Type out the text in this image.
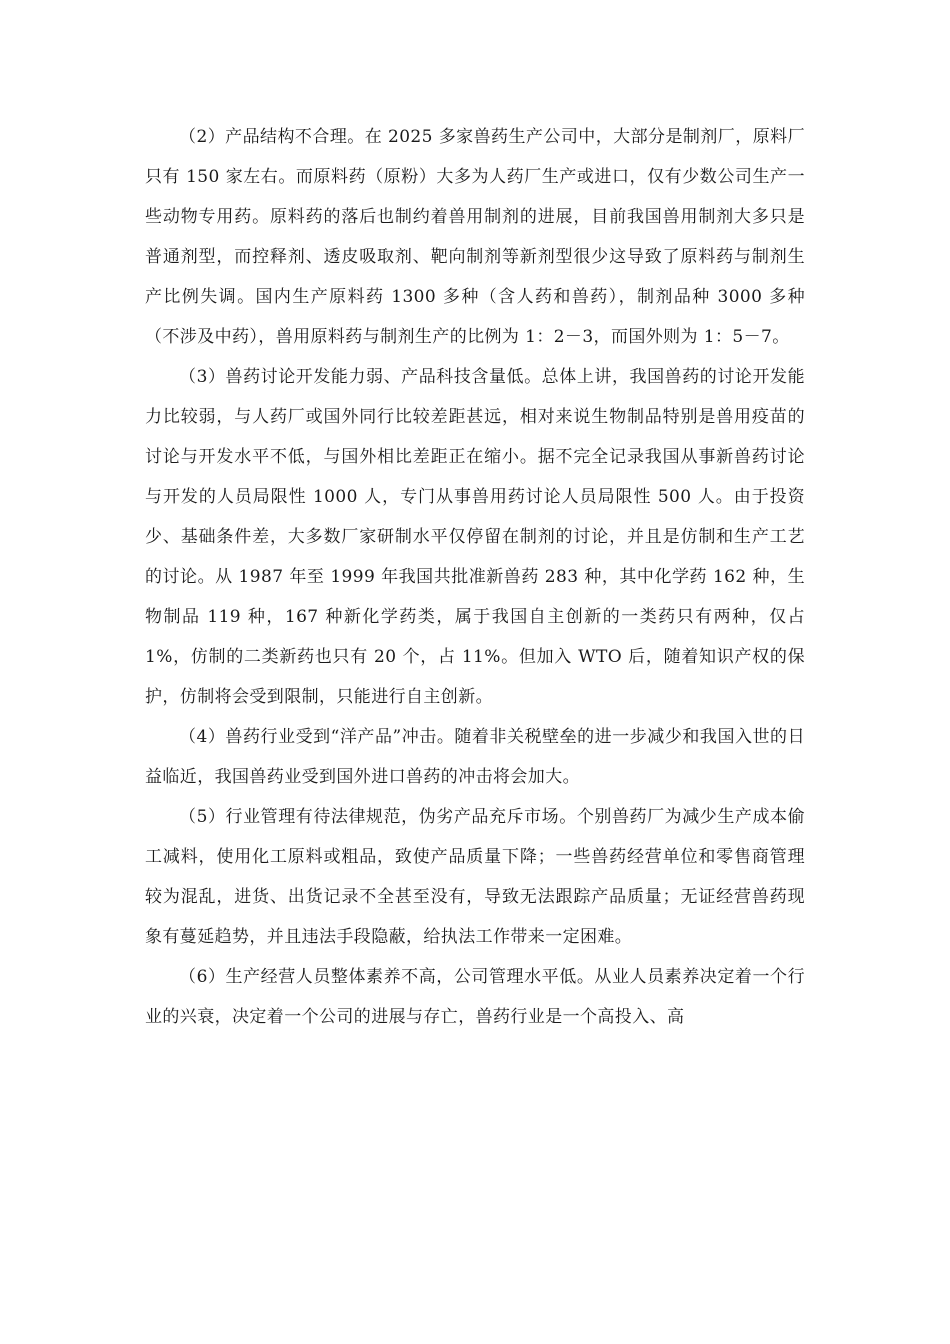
（2）产品结构不合理。在 2025 多家兽药生产公司中，大部分是制剂厂，原料厂只有 150 家左右。而原料药（原粉）大多为人药厂生产或进口，仅有少数公司生产一些动物专用药。原料药的落后也制约着兽用制剂的进展，目前我国兽用制剂大多只是普通剂型，而控释剂、透皮吸取剂、靶向制剂等新剂型很少这导致了原料药与制剂生产比例失调。国内生产原料药 1300 多种（含人药和兽药），制剂品种 3000 多种（不涉及中药），兽用原料药与制剂生产的比例为 1：2－3，而国外则为 1：5－7。

（3）兽药讨论开发能力弱、产品科技含量低。总体上讲，我国兽药的讨论开发能力比较弱，与人药厂或国外同行比较差距甚远，相对来说生物制品特别是兽用疫苗的讨论与开发水平不低，与国外相比差距正在缩小。据不完全记录我国从事新兽药讨论与开发的人员局限性 1000 人，专门从事兽用药讨论人员局限性 500 人。由于投资少、基础条件差，大多数厂家研制水平仅停留在制剂的讨论，并且是仿制和生产工艺的讨论。从 1987 年至 1999 年我国共批准新兽药 283 种，其中化学药 162 种，生物制品 119 种，167 种新化学药类，属于我国自主创新的一类药只有两种，仅占 1%，仿制的二类新药也只有 20 个，占 11%。但加入 WTO 后，随着知识产权的保护，仿制将会受到限制，只能进行自主创新。

（4）兽药行业受到“洋产品”冲击。随着非关税壁垒的进一步减少和我国入世的日益临近，我国兽药业受到国外进口兽药的冲击将会加大。

（5）行业管理有待法律规范，伪劣产品充斥市场。个别兽药厂为减少生产成本偷工减料，使用化工原料或粗品，致使产品质量下降；一些兽药经营单位和零售商管理较为混乱，进货、出货记录不全甚至没有，导致无法跟踪产品质量；无证经营兽药现象有蔓延趋势，并且违法手段隐蔽，给执法工作带来一定困难。

（6）生产经营人员整体素养不高，公司管理水平低。从业人员素养决定着一个行业的兴衰，决定着一个公司的进展与存亡，兽药行业是一个高投入、高
